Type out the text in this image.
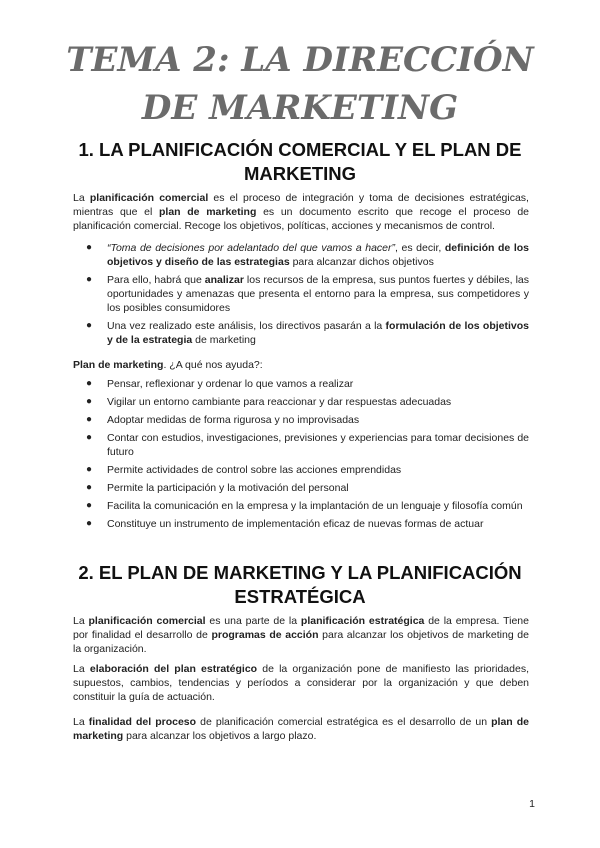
TEMA 2: LA DIRECCIÓN DE MARKETING
1. LA PLANIFICACIÓN COMERCIAL Y EL PLAN DE MARKETING

La planificación comercial es el proceso de integración y toma de decisiones estratégicas, mientras que el plan de marketing es un documento escrito que recoge el proceso de planificación comercial. Recoge los objetivos, políticas, acciones y mecanismos de control.

● “Toma de decisiones por adelantado del que vamos a hacer”, es decir, definición de los objetivos y diseño de las estrategias para alcanzar dichos objetivos
● Para ello, habrá que analizar los recursos de la empresa, sus puntos fuertes y débiles, las oportunidades y amenazas que presenta el entorno para la empresa, sus competidores y los posibles consumidores
● Una vez realizado este análisis, los directivos pasarán a la formulación de los objetivos y de la estrategia de marketing

Plan de marketing. ¿A qué nos ayuda?:

● Pensar, reflexionar y ordenar lo que vamos a realizar
● Vigilar un entorno cambiante para reaccionar y dar respuestas adecuadas
● Adoptar medidas de forma rigurosa y no improvisadas
● Contar con estudios, investigaciones, previsiones y experiencias para tomar decisiones de futuro
● Permite actividades de control sobre las acciones emprendidas
● Permite la participación y la motivación del personal
● Facilita la comunicación en la empresa y la implantación de un lenguaje y filosofía común
● Constituye un instrumento de implementación eficaz de nuevas formas de actuar
2. EL PLAN DE MARKETING Y LA PLANIFICACIÓN ESTRATÉGICA

La planificación comercial es una parte de la planificación estratégica de la empresa. Tiene por finalidad el desarrollo de programas de acción para alcanzar los objetivos de marketing de la organización.

La elaboración del plan estratégico de la organización pone de manifiesto las prioridades, supuestos, cambios, tendencias y períodos a considerar por la organización y que deben constituir la guía de actuación.

La finalidad del proceso de planificación comercial estratégica es el desarrollo de un plan de marketing para alcanzar los objetivos a largo plazo.

1
